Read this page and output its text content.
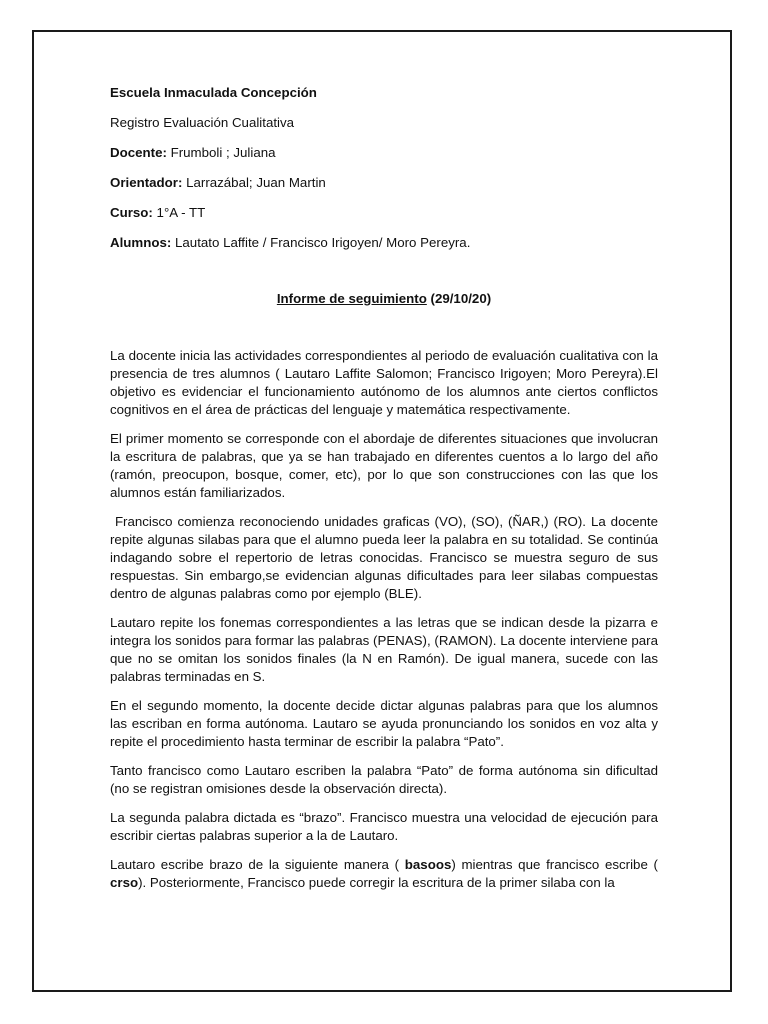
Escuela Inmaculada Concepción
Registro Evaluación Cualitativa
Docente: Frumboli ; Juliana
Orientador: Larrazábal; Juan Martin
Curso: 1°A - TT
Alumnos: Lautato Laffite / Francisco Irigoyen/ Moro Pereyra.
Informe de seguimiento (29/10/20)

La docente inicia las actividades correspondientes al periodo de evaluación cualitativa con la presencia de tres alumnos ( Lautaro Laffite Salomon; Francisco Irigoyen; Moro Pereyra).El objetivo es evidenciar el funcionamiento autónomo de los alumnos ante ciertos conflictos cognitivos en el área de prácticas del lenguaje y matemática respectivamente.

El primer momento se corresponde con el abordaje de diferentes situaciones que involucran la escritura de palabras, que ya se han trabajado en diferentes cuentos a lo largo del año (ramón, preocupon, bosque, comer, etc), por lo que son construcciones con las que los alumnos están familiarizados.

Francisco comienza reconociendo unidades graficas (VO), (SO), (ÑAR,) (RO). La docente repite algunas silabas para que el alumno pueda leer la palabra en su totalidad. Se continúa indagando sobre el repertorio de letras conocidas. Francisco se muestra seguro de sus respuestas. Sin embargo,se evidencian algunas dificultades para leer silabas compuestas dentro de algunas palabras como por ejemplo (BLE).

Lautaro repite los fonemas correspondientes a las letras que se indican desde la pizarra e integra los sonidos para formar las palabras (PENAS), (RAMON). La docente interviene para que no se omitan los sonidos finales (la N en Ramón). De igual manera, sucede con las palabras terminadas en S.

En el segundo momento, la docente decide dictar algunas palabras para que los alumnos las escriban en forma autónoma. Lautaro se ayuda pronunciando los sonidos en voz alta y repite el procedimiento hasta terminar de escribir la palabra “Pato”.

Tanto francisco como Lautaro escriben la palabra “Pato” de forma autónoma sin dificultad (no se registran omisiones desde la observación directa).

La segunda palabra dictada es “brazo”. Francisco muestra una velocidad de ejecución para escribir ciertas palabras superior a la de Lautaro.

Lautaro escribe brazo de la siguiente manera ( basoos) mientras que francisco escribe ( crso). Posteriormente, Francisco puede corregir la escritura de la primer silaba con la
